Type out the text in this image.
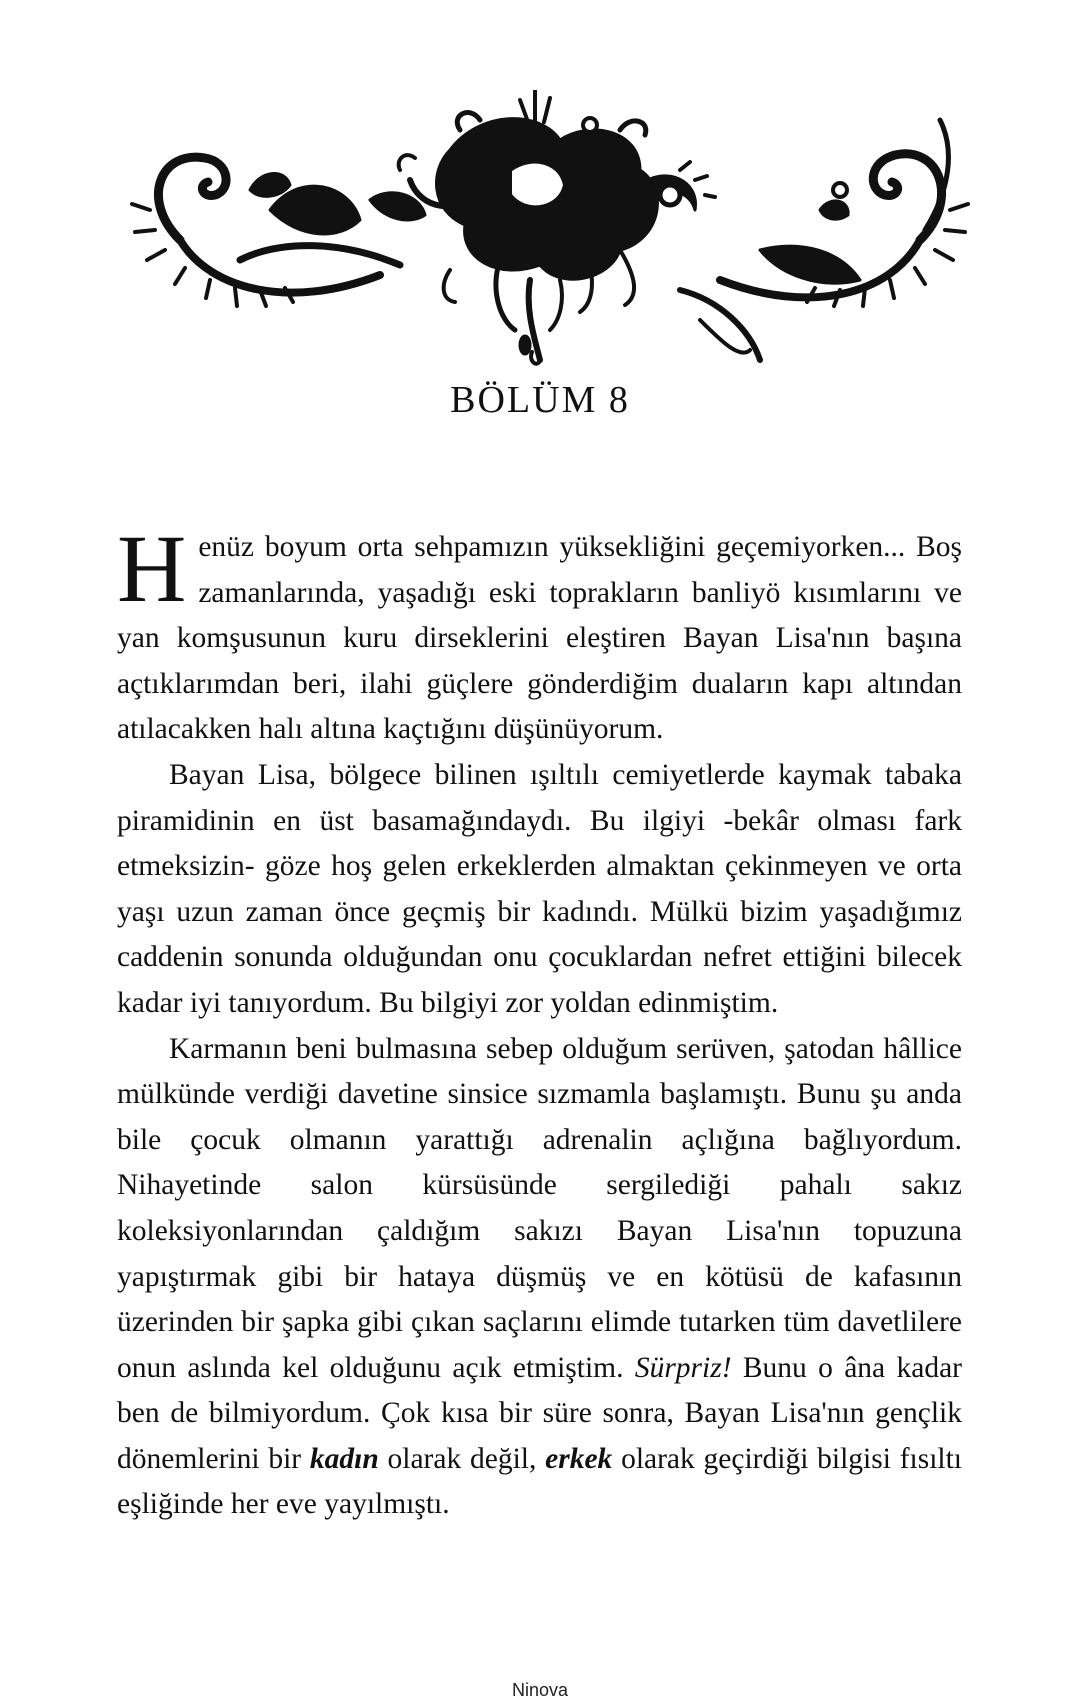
BÖLÜM 8

Henüz boyum orta sehpamızın yüksekliğini geçemiyorken... Boş zamanlarında, yaşadığı eski toprakların banliyö kısımlarını ve yan komşusunun kuru dirseklerini eleştiren Bayan Lisa'nın başına açtıklarımdan beri, ilahi güçlere gönderdiğim duaların kapı altından atılacakken halı altına kaçtığını düşünüyorum.

Bayan Lisa, bölgece bilinen ışıltılı cemiyetlerde kaymak tabaka piramidinin en üst basamağındaydı. Bu ilgiyi -bekâr olması fark etmeksizin- göze hoş gelen erkeklerden almaktan çekinmeyen ve orta yaşı uzun zaman önce geçmiş bir kadındı. Mülkü bizim yaşadığımız caddenin sonunda olduğundan onu çocuklardan nefret ettiğini bilecek kadar iyi tanıyordum. Bu bilgiyi zor yoldan edinmiştim.

Karmanın beni bulmasına sebep olduğum serüven, şatodan hâllice mülkünde verdiği davetine sinsice sızmamla başlamıştı. Bunu şu anda bile çocuk olmanın yarattığı adrenalin açlığına bağlıyordum. Nihayetinde salon kürsüsünde sergilediği pahalı sakız koleksiyonlarından çaldığım sakızı Bayan Lisa'nın topuzuna yapıştırmak gibi bir hataya düşmüş ve en kötüsü de kafasının üzerinden bir şapka gibi çıkan saçlarını elimde tutarken tüm davetlilere onun aslında kel olduğunu açık etmiştim. Sürpriz! Bunu o âna kadar ben de bilmiyordum. Çok kısa bir süre sonra, Bayan Lisa'nın gençlik dönemlerini bir kadın olarak değil, erkek olarak geçirdiği bilgisi fısıltı eşliğinde her eve yayılmıştı.

Ninova
